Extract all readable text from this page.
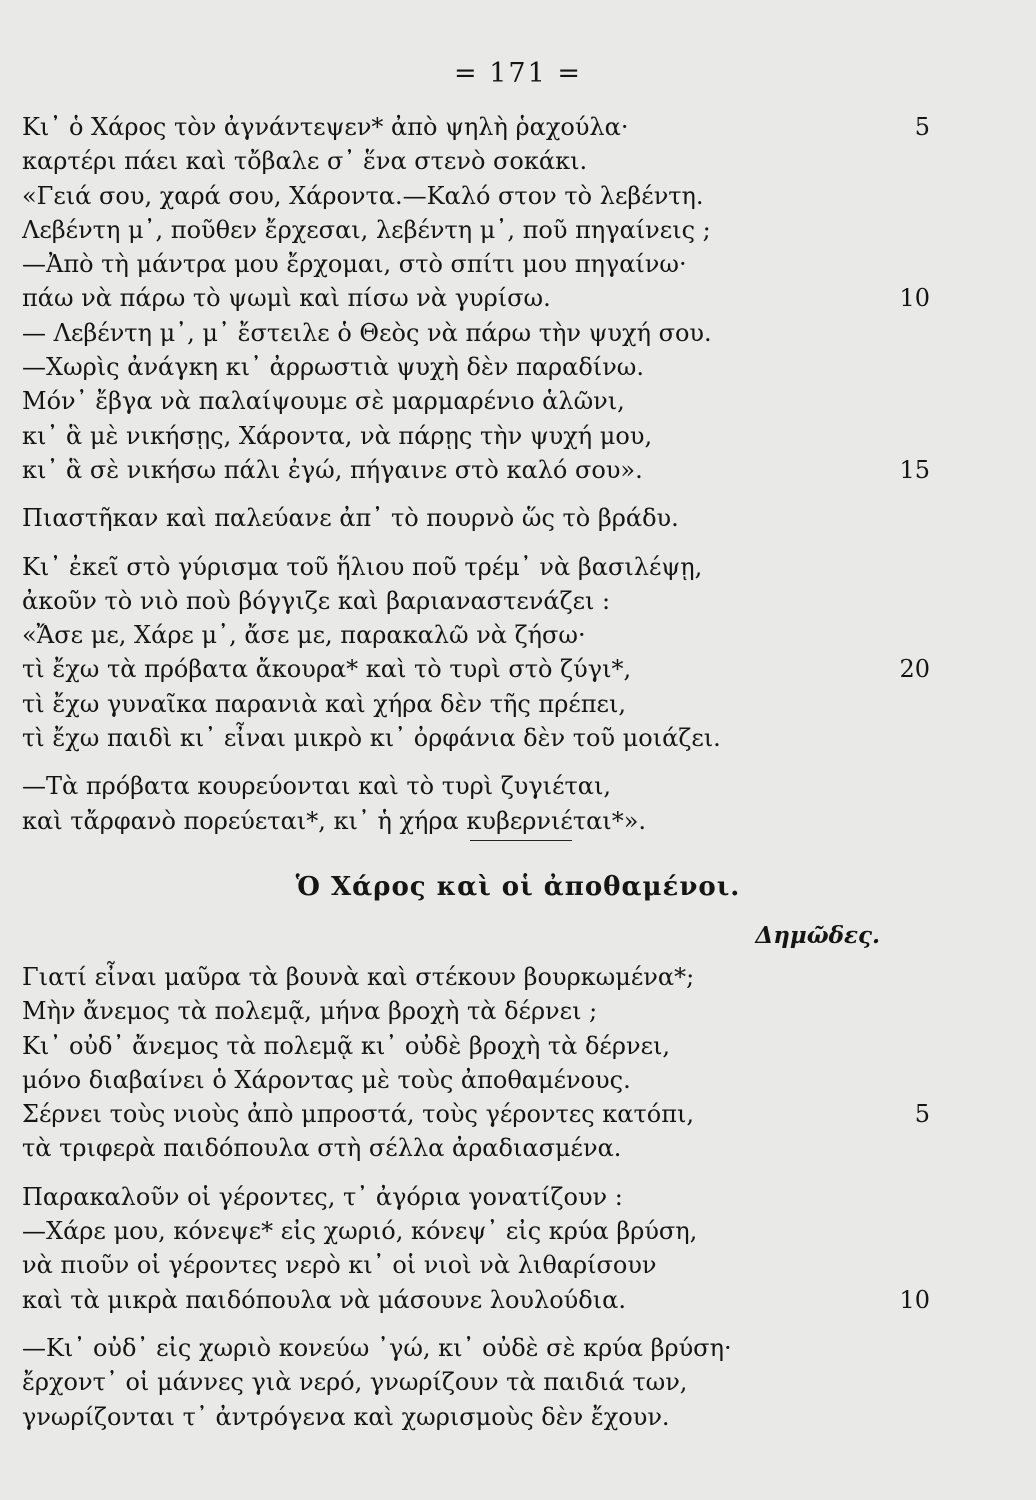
= 171 =
Κι᾽ ὁ Χάρος τὸν ἀγνάντεψεν* ἀπὸ ψηλὴ ῥαχούλα·	5
καρτέρι πάει καὶ τὄβαλε σ᾽ ἕνα στενὸ σοκάκι.
«Γειά σου, χαρά σου, Χάροντα.—Καλό στον τὸ λεβέντη.
Λεβέντη μ᾽, ποῦθεν ἔρχεσαι, λεβέντη μ᾽, ποῦ πηγαίνεις ;
—Ἀπὸ τὴ μάντρα μου ἔρχομαι, στὸ σπίτι μου πηγαίνω·
πάω νὰ πάρω τὸ ψωμὶ καὶ πίσω νὰ γυρίσω.	10
— Λεβέντη μ᾽, μ᾽ ἔστειλε ὁ Θεὸς νὰ πάρω τὴν ψυχή σου.
—Χωρὶς ἀνάγκη κι᾽ ἀρρωστιὰ ψυχὴ δὲν παραδίνω.
Μόν᾽ ἔβγα νὰ παλαίψουμε σὲ μαρμαρένιο ἁλῶνι,
κι᾽ ἃ μὲ νικήσῃς, Χάροντα, νὰ πάρῃς τὴν ψυχή μου,
κι᾽ ἃ σὲ νικήσω πάλι ἐγώ, πήγαινε στὸ καλό σου».	15
Πιαστῆκαν καὶ παλεύανε ἀπ᾽ τὸ πουρνὸ ὥς τὸ βράδυ.
Κι᾽ ἐκεῖ στὸ γύρισμα τοῦ ἥλιου ποῦ τρέμ᾽ νὰ βασιλέψῃ,
ἀκοῦν τὸ νιὸ ποὺ βόγγιζε καὶ βαριαναστενάζει :
«Ἄσε με, Χάρε μ᾽, ἄσε με, παρακαλῶ νὰ ζήσω·
τὶ ἔχω τὰ πρόβατα ἄκουρα* καὶ τὸ τυρὶ στὸ ζύγι*,	20
τὶ ἔχω γυναῖκα παρανιὰ καὶ χήρα δὲν τῆς πρέπει,
τὶ ἔχω παιδὶ κι᾽ εἶναι μικρὸ κι᾽ ὀρφάνια δὲν τοῦ μοιάζει.
—Τὰ πρόβατα κουρεύονται καὶ τὸ τυρὶ ζυγιέται,
καὶ τἄρφανὸ πορεύεται*, κι᾽ ἡ χήρα κυβερνιέται*».
Ὁ Χάρος καὶ οἱ ἀποθαμένοι.
Δημῶδες.
Γιατί εἶναι μαῦρα τὰ βουνὰ καὶ στέκουν βουρκωμένα*;
Μὴν ἄνεμος τὰ πολεμᾷ, μήνα βροχὴ τὰ δέρνει ;
Κι᾽ οὐδ᾽ ἄνεμος τὰ πολεμᾷ κι᾽ οὐδὲ βροχὴ τὰ δέρνει,
μόνο διαβαίνει ὁ Χάροντας μὲ τοὺς ἀποθαμένους.
Σέρνει τοὺς νιοὺς ἀπὸ μπροστά, τοὺς γέροντες κατόπι,	5
τὰ τριφερὰ παιδόπουλα στὴ σέλλα ἀραδιασμένα.
Παρακαλοῦν οἱ γέροντες, τ᾽ ἀγόρια γονατίζουν :
—Χάρε μου, κόνεψε* εἰς χωριό, κόνεψ᾽ εἰς κρύα βρύση,
νὰ πιοῦν οἱ γέροντες νερὸ κι᾽ οἱ νιοὶ νὰ λιθαρίσουν
καὶ τὰ μικρὰ παιδόπουλα νὰ μάσουνε λουλούδια.	10
—Κι᾽ οὐδ᾽ εἰς χωριὸ κονεύω ᾽γώ, κι᾽ οὐδὲ σὲ κρύα βρύση·
ἔρχοντ᾽ οἱ μάννες γιὰ νερό, γνωρίζουν τὰ παιδιά των,
γνωρίζονται τ᾽ ἀντρόγενα καὶ χωρισμοὺς δὲν ἔχουν.
